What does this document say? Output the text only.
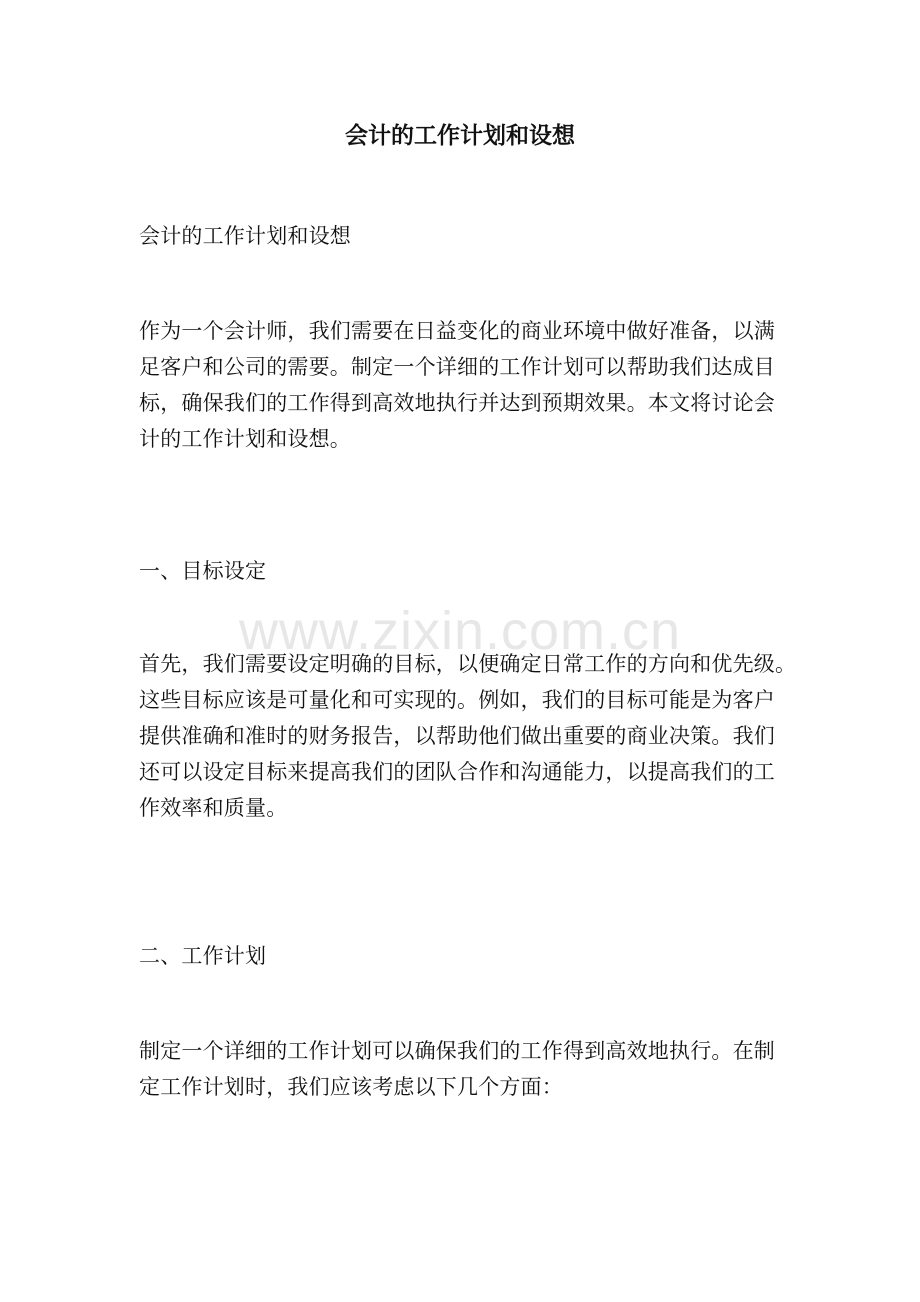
会计的工作计划和设想

会计的工作计划和设想

作为一个会计师，我们需要在日益变化的商业环境中做好准备，以满
足客户和公司的需要。制定一个详细的工作计划可以帮助我们达成目
标，确保我们的工作得到高效地执行并达到预期效果。本文将讨论会
计的工作计划和设想。

一、目标设定

www.zixin.com.cn
首先，我们需要设定明确的目标，以便确定日常工作的方向和优先级。
这些目标应该是可量化和可实现的。例如，我们的目标可能是为客户
提供准确和准时的财务报告，以帮助他们做出重要的商业决策。我们
还可以设定目标来提高我们的团队合作和沟通能力，以提高我们的工
作效率和质量。

二、工作计划

制定一个详细的工作计划可以确保我们的工作得到高效地执行。在制
定工作计划时，我们应该考虑以下几个方面：
